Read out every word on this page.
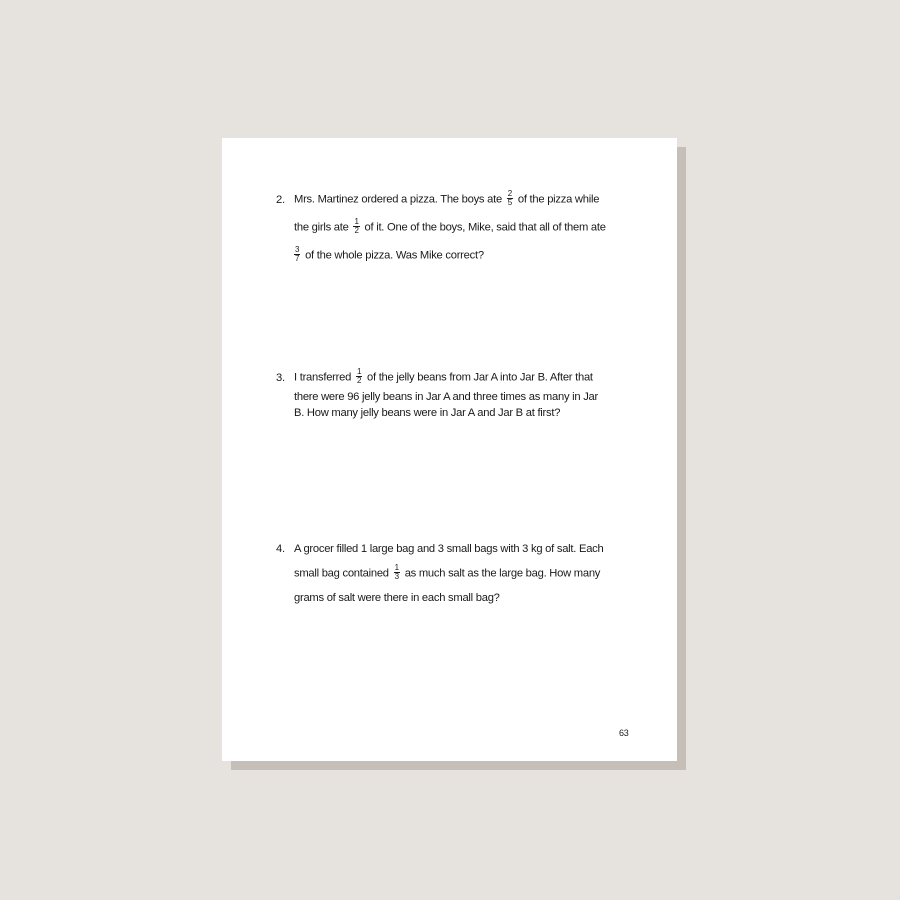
2. Mrs. Martinez ordered a pizza. The boys ate $\frac{2}{5}$ of the pizza while
the girls ate $\frac{1}{2}$ of it. One of the boys, Mike, said that all of them ate
$\frac{3}{7}$ of the whole pizza. Was Mike correct?
3. I transferred $\frac{1}{2}$ of the jelly beans from Jar A into Jar B. After that
there were 96 jelly beans in Jar A and three times as many in Jar
B. How many jelly beans were in Jar A and Jar B at first?
4. A grocer filled 1 large bag and 3 small bags with 3 kg of salt. Each
small bag contained $\frac{1}{3}$ as much salt as the large bag. How many
grams of salt were there in each small bag?
63
